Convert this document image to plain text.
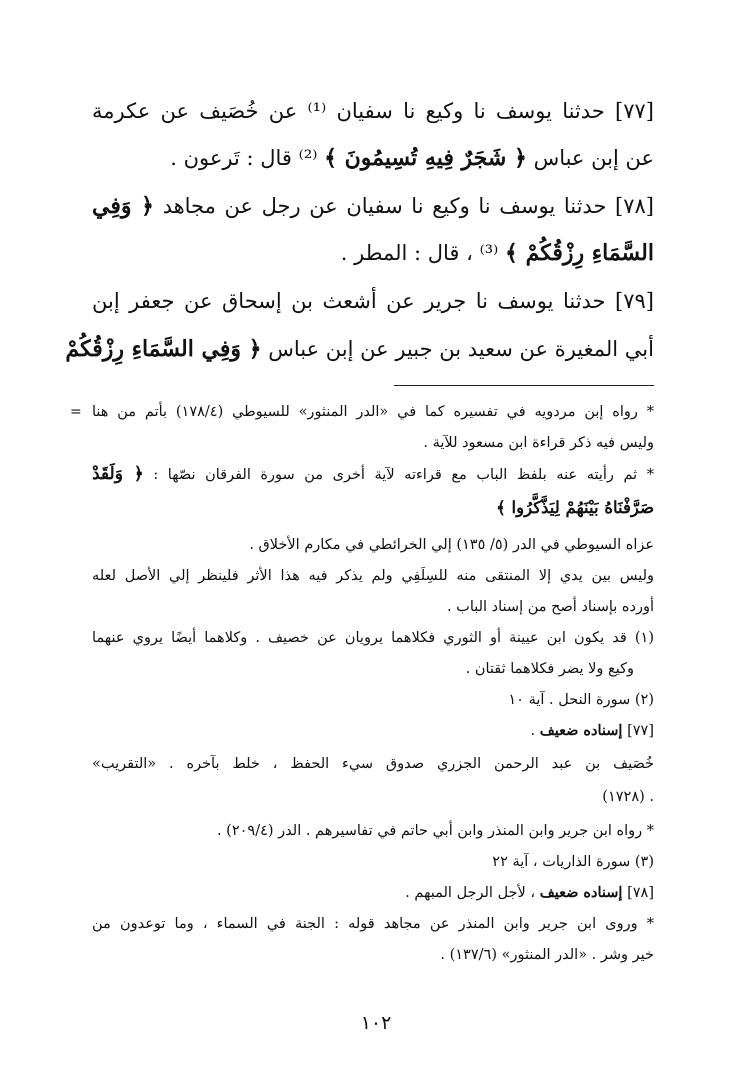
[٧٧] حدثنا يوسف نا وكيع نا سفيان ⁽¹⁾ عن خُصَيف عن عكرمة
عن إبن عباس ﴿ شَجَرٌ فِيهِ تُسِيمُونَ ﴾ ⁽²⁾ قال : تَرعون .
[٧٨] حدثنا يوسف نا وكيع نا سفيان عن رجل عن مجاهد ﴿ وَفِي
السَّمَاءِ رِزْقُكُمْ ﴾ ⁽³⁾ ، قال : المطر .
[٧٩] حدثنا يوسف نا جرير عن أشعث بن إسحاق عن جعفر إبن
أبي المغيرة عن سعيد بن جبير عن إبن عباس ﴿ وَفِي السَّمَاءِ رِزْقُكُمْ
= * رواه إبن مردويه في تفسيره كما في «الدر المنثور» للسيوطي (١٧٨/٤) بأتم من هنا
وليس فيه ذكر قراءة ابن مسعود للآية .
* ثم رأيته عنه بلفظ الباب مع قراءته لآية أخرى من سورة الفرقان نصّها : ﴿ وَلَقَدْ
صَرَّفْنَاهُ بَيْنَهُمْ لِيَذَّكَّرُوا ﴾
عزاه السيوطي في الدر (٥/ ١٣٥) إلي الخرائطي في مكارم الأخلاق .
وليس بين يدي إلا المنتقى منه للسِلَفِي ولم يذكر فيه هذا الأثر فلينظر إلي الأصل لعله
أورده بإسناد أصح من إسناد الباب .
(١) قد يكون ابن عيينة أو الثوري فكلاهما يرويان عن خصيف . وكلاهما أيضًا يروي عنهما
وكيع ولا يضر فكلاهما ثقتان .
(٢) سورة النحل . آية ١٠
[٧٧] إسناده ضعيف .
خُصَيف بن عبد الرحمن الجزري صدوق سيء الحفظ ، خلط بآخره . «التقريب»
. (١٧٢٨)
* رواه ابن جرير وابن المنذر وابن أبي حاتم في تفاسيرهم . الدر (٢٠٩/٤) .
(٣) سورة الذاريات ، آية ٢٢
[٧٨] إسناده ضعيف ، لأجل الرجل المبهم .
* وروى ابن جرير وابن المنذر عن مجاهد قوله : الجنة في السماء ، وما توعدون من
خير وشر . «الدر المنثور» (١٣٧/٦) .
١٠٢
